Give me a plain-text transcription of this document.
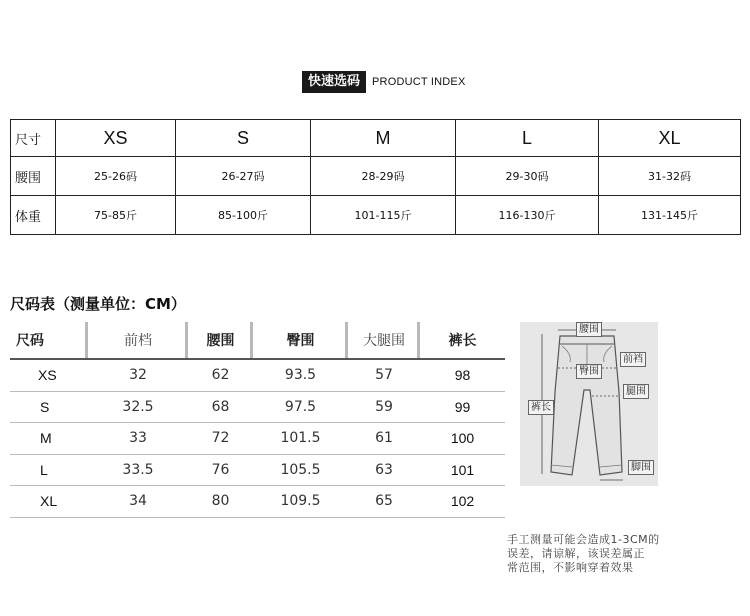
快速选码	PRODUCT INDEX
尺寸	XS	S	M	L	XL
腰围	25-26码	26-27码	28-29码	29-30码	31-32码
体重	75-85斤	85-100斤	101-115斤	116-130斤	131-145斤
尺码表（测量单位：CM）
尺码	前档	腰围	臀围	大腿围	裤长
XS	32	62	93.5	57	98
S	32.5	68	97.5	59	99
M	33	72	101.5	61	100
L	33.5	76	105.5	63	101
XL	34	80	109.5	65	102
腰围
前裆
臀围
腿围
裤长
脚围
手工测量可能会造成1-3CM的
误差，请谅解，该误差属正
常范围，不影响穿着效果
